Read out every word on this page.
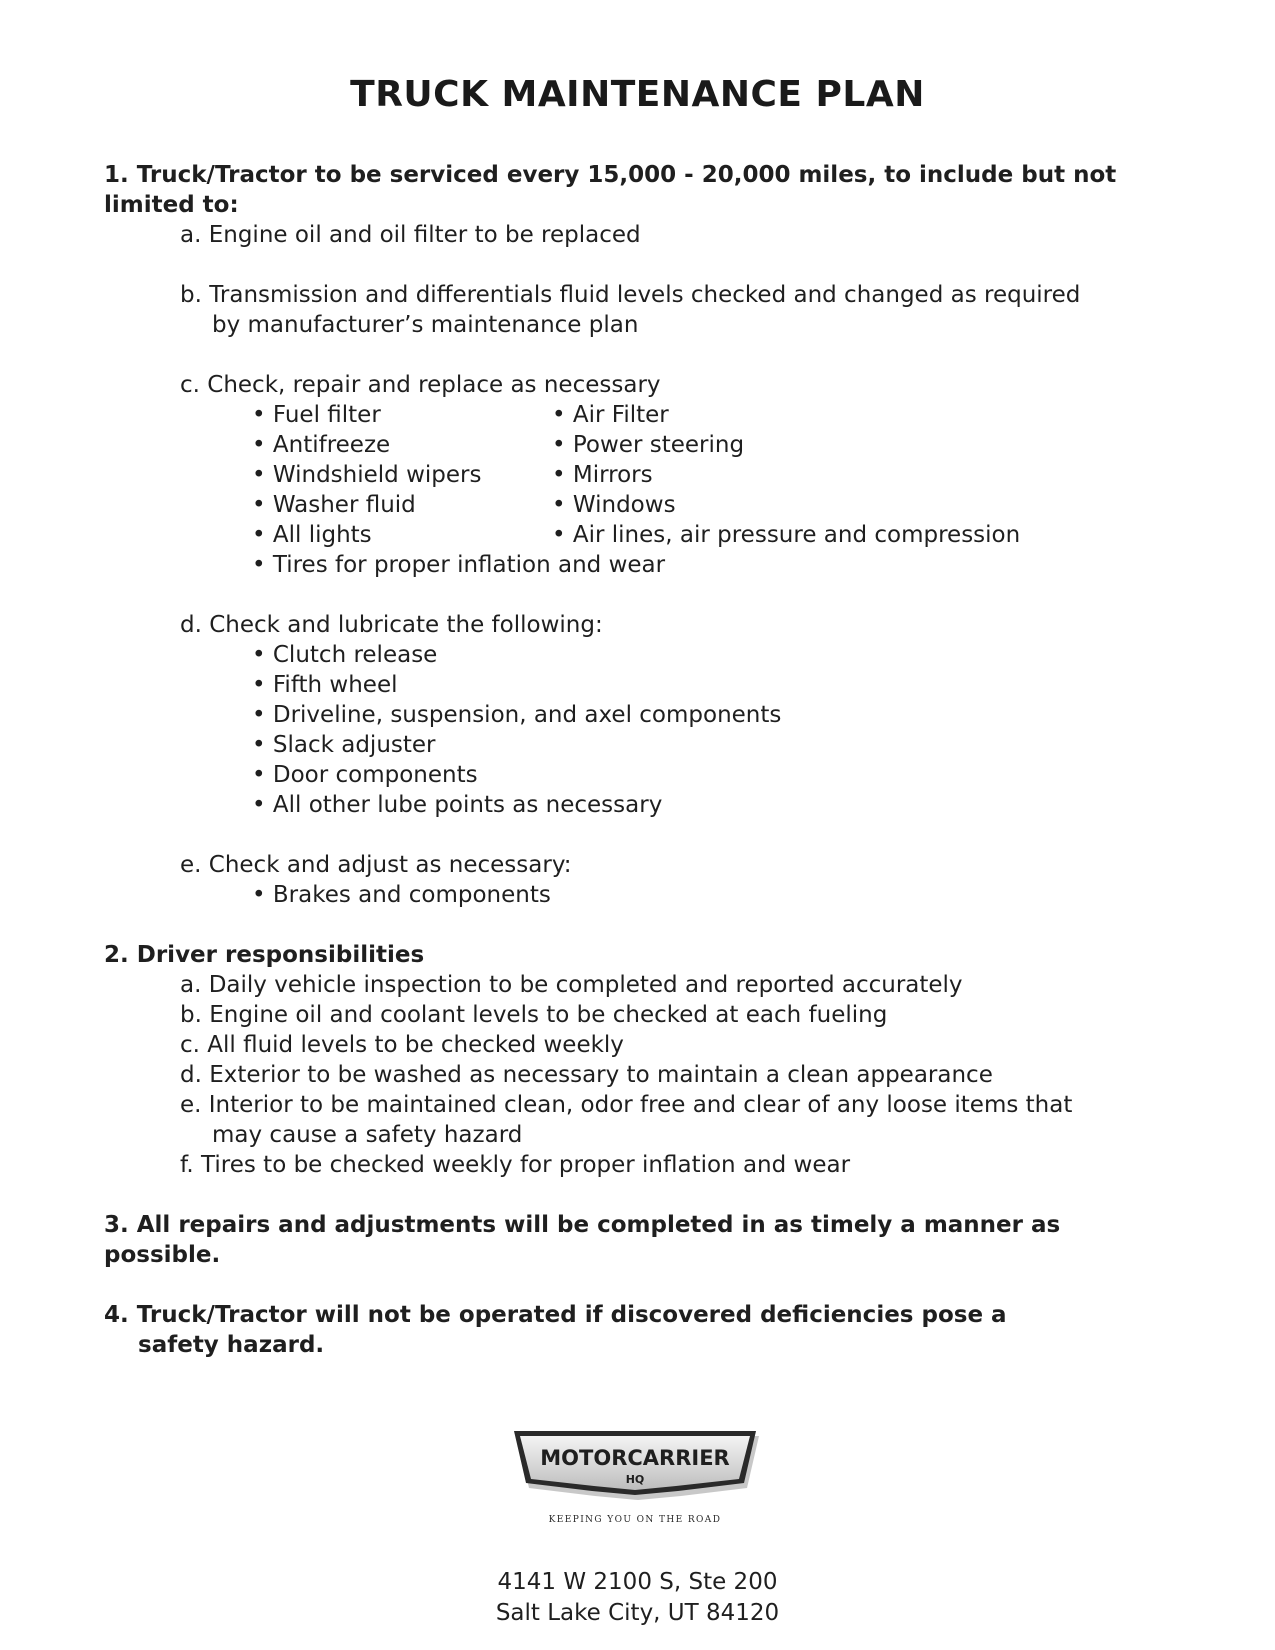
TRUCK MAINTENANCE PLAN
1. Truck/Tractor to be serviced every 15,000 - 20,000 miles, to include but not
limited to:
a. Engine oil and oil filter to be replaced
b. Transmission and differentials fluid levels checked and changed as required
by manufacturer’s maintenance plan
c. Check, repair and replace as necessary
• Fuel filter	• Air Filter
• Antifreeze	• Power steering
• Windshield wipers	• Mirrors
• Washer fluid	• Windows
• All lights	• Air lines, air pressure and compression
• Tires for proper inflation and wear
d. Check and lubricate the following:
• Clutch release
• Fifth wheel
• Driveline, suspension, and axel components
• Slack adjuster
• Door components
• All other lube points as necessary
e. Check and adjust as necessary:
• Brakes and components
2. Driver responsibilities
a. Daily vehicle inspection to be completed and reported accurately
b. Engine oil and coolant levels to be checked at each fueling
c. All fluid levels to be checked weekly
d. Exterior to be washed as necessary to maintain a clean appearance
e. Interior to be maintained clean, odor free and clear of any loose items that
may cause a safety hazard
f. Tires to be checked weekly for proper inflation and wear
3. All repairs and adjustments will be completed in as timely a manner as possible.
4. Truck/Tractor will not be operated if discovered deficiencies pose a
safety hazard.
MOTORCARRIER
HQ
KEEPING YOU ON THE ROAD
4141 W 2100 S, Ste 200
Salt Lake City, UT 84120
